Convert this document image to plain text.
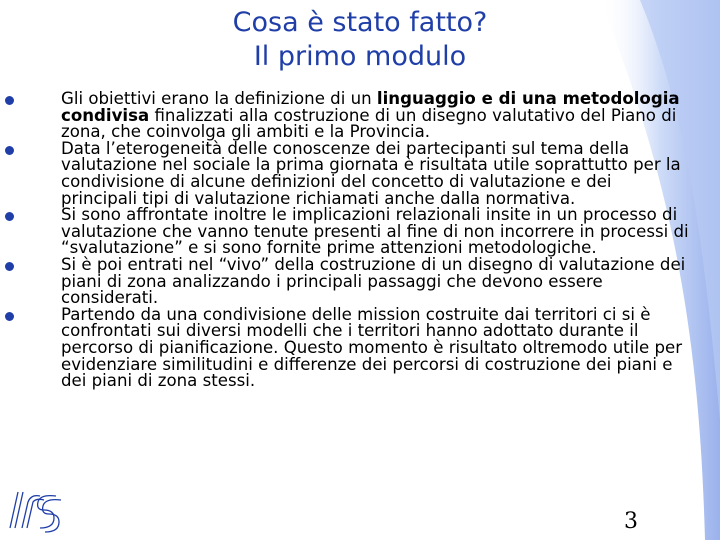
Cosa è stato fatto?
Il primo modulo
Gli obiettivi erano la definizione di un linguaggio e di una metodologia condivisa finalizzati alla costruzione di un disegno valutativo del Piano di zona, che coinvolga gli ambiti e la Provincia.
Data l’eterogeneità delle conoscenze dei partecipanti sul tema della valutazione nel sociale la prima giornata è risultata utile soprattutto per la condivisione di alcune definizioni del concetto di valutazione e dei principali tipi di valutazione richiamati anche dalla normativa.
Si sono affrontate inoltre le implicazioni relazionali insite in un processo di valutazione che vanno tenute presenti al fine di non incorrere in processi di “svalutazione” e si sono fornite prime attenzioni metodologiche.
Si è poi entrati nel “vivo” della costruzione di un disegno di valutazione dei piani di zona analizzando i principali passaggi che devono essere considerati.
Partendo da una condivisione delle mission costruite dai territori ci si è confrontati sui diversi modelli che i territori hanno adottato durante il percorso di pianificazione. Questo momento è risultato oltremodo utile per evidenziare similitudini e differenze dei percorsi di costruzione dei piani e dei piani di zona stessi.
3
